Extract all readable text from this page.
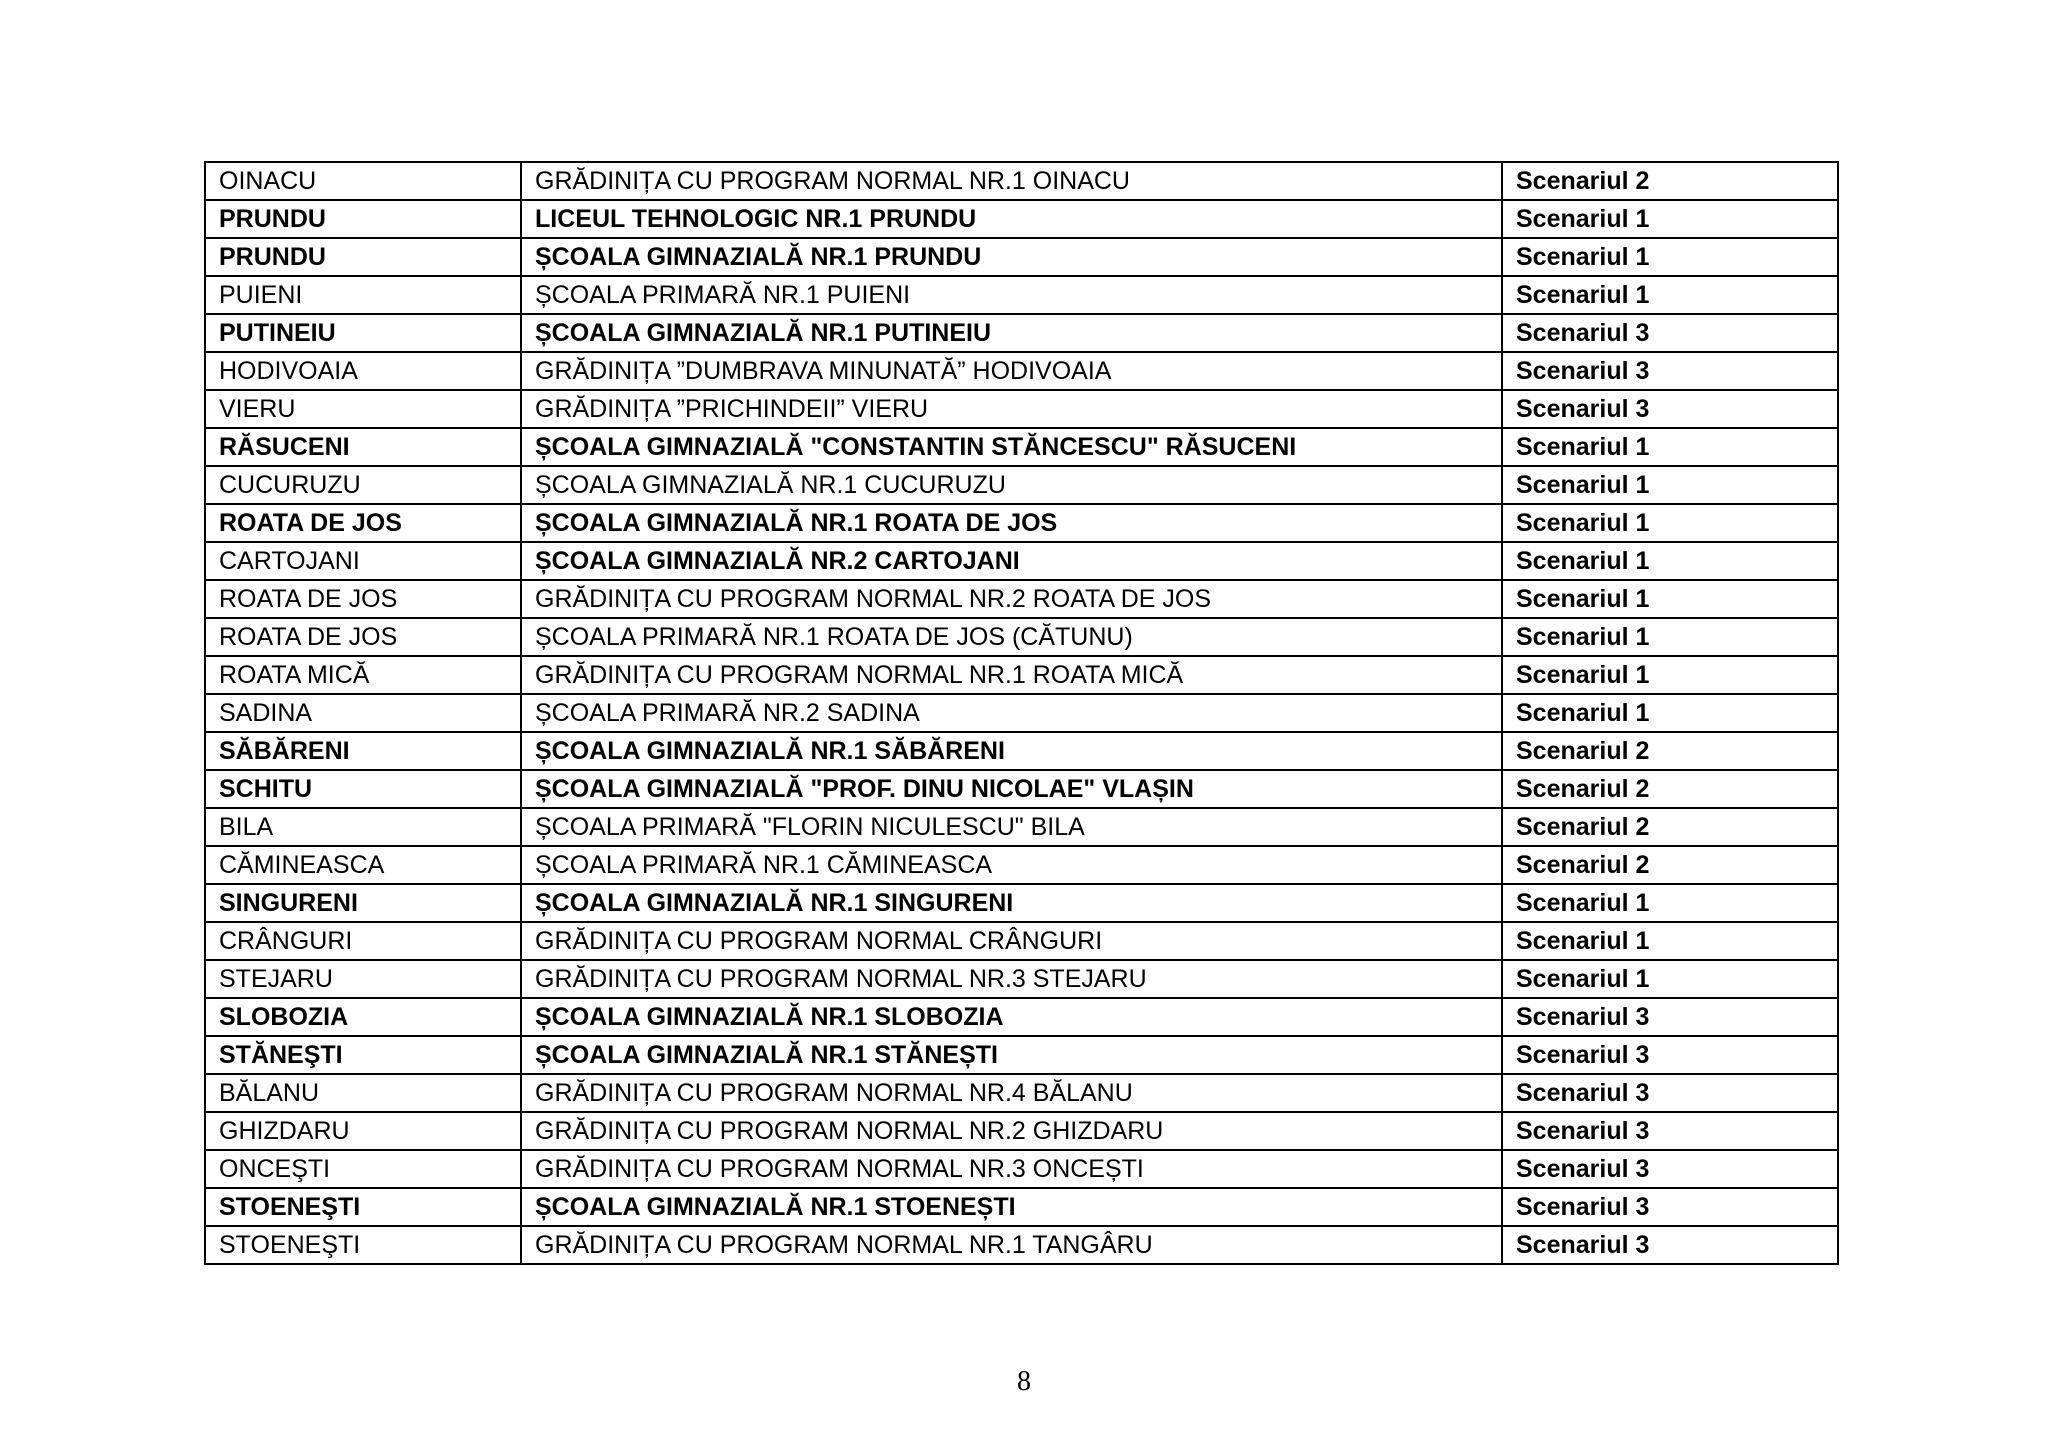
OINACU	GRĂDINIȚA CU PROGRAM NORMAL NR.1 OINACU	Scenariul 2
PRUNDU	LICEUL TEHNOLOGIC NR.1 PRUNDU	Scenariul 1
PRUNDU	ȘCOALA GIMNAZIALĂ NR.1 PRUNDU	Scenariul 1
PUIENI	ȘCOALA PRIMARĂ NR.1 PUIENI	Scenariul 1
PUTINEIU	ȘCOALA GIMNAZIALĂ NR.1 PUTINEIU	Scenariul 3
HODIVOAIA	GRĂDINIȚA ”DUMBRAVA MINUNATĂ” HODIVOAIA	Scenariul 3
VIERU	GRĂDINIȚA ”PRICHINDEII” VIERU	Scenariul 3
RĂSUCENI	ȘCOALA GIMNAZIALĂ "CONSTANTIN STĂNCESCU" RĂSUCENI	Scenariul 1
CUCURUZU	ȘCOALA GIMNAZIALĂ NR.1 CUCURUZU	Scenariul 1
ROATA DE JOS	ȘCOALA GIMNAZIALĂ NR.1 ROATA DE JOS	Scenariul 1
CARTOJANI	ȘCOALA GIMNAZIALĂ NR.2 CARTOJANI	Scenariul 1
ROATA DE JOS	GRĂDINIȚA CU PROGRAM NORMAL NR.2 ROATA DE JOS	Scenariul 1
ROATA DE JOS	ȘCOALA PRIMARĂ NR.1 ROATA DE JOS (CĂTUNU)	Scenariul 1
ROATA MICĂ	GRĂDINIȚA CU PROGRAM NORMAL NR.1 ROATA MICĂ	Scenariul 1
SADINA	ȘCOALA PRIMARĂ NR.2 SADINA	Scenariul 1
SĂBĂRENI	ȘCOALA GIMNAZIALĂ NR.1 SĂBĂRENI	Scenariul 2
SCHITU	ȘCOALA GIMNAZIALĂ "PROF. DINU NICOLAE" VLAȘIN	Scenariul 2
BILA	ȘCOALA PRIMARĂ "FLORIN NICULESCU" BILA	Scenariul 2
CĂMINEASCA	ȘCOALA PRIMARĂ NR.1 CĂMINEASCA	Scenariul 2
SINGURENI	ȘCOALA GIMNAZIALĂ NR.1 SINGURENI	Scenariul 1
CRÂNGURI	GRĂDINIȚA CU PROGRAM NORMAL CRÂNGURI	Scenariul 1
STEJARU	GRĂDINIȚA CU PROGRAM NORMAL NR.3 STEJARU	Scenariul 1
SLOBOZIA	ȘCOALA GIMNAZIALĂ NR.1 SLOBOZIA	Scenariul 3
STĂNEŞTI	ȘCOALA GIMNAZIALĂ NR.1 STĂNEȘTI	Scenariul 3
BĂLANU	GRĂDINIȚA CU PROGRAM NORMAL NR.4 BĂLANU	Scenariul 3
GHIZDARU	GRĂDINIȚA CU PROGRAM NORMAL NR.2 GHIZDARU	Scenariul 3
ONCEŞTI	GRĂDINIȚA CU PROGRAM NORMAL NR.3 ONCEȘTI	Scenariul 3
STOENEŞTI	ȘCOALA GIMNAZIALĂ NR.1 STOENEȘTI	Scenariul 3
STOENEŞTI	GRĂDINIȚA CU PROGRAM NORMAL NR.1 TANGÂRU	Scenariul 3
8
